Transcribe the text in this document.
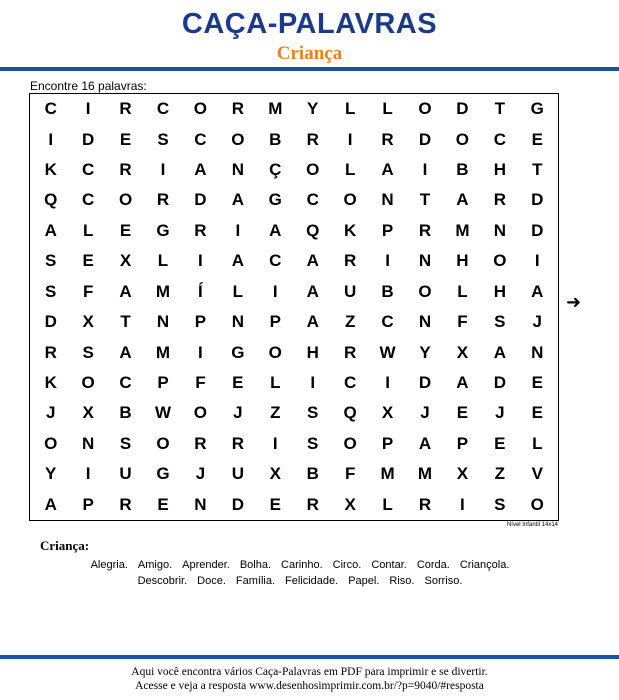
CAÇA-PALAVRAS
Criança
Encontre 16 palavras:
C	I	R	C	O	R	M	Y	L	L	O	D	T	G
I	D	E	S	C	O	B	R	I	R	D	O	C	E
K	C	R	I	A	N	Ç	O	L	A	I	B	H	T
Q	C	O	R	D	A	G	C	O	N	T	A	R	D
A	L	E	G	R	I	A	Q	K	P	R	M	N	D
S	E	X	L	I	A	C	A	R	I	N	H	O	I
S	F	A	M	Í	L	I	A	U	B	O	L	H	A
D	X	T	N	P	N	P	A	Z	C	N	F	S	J
R	S	A	M	I	G	O	H	R	W	Y	X	A	N
K	O	C	P	F	E	L	I	C	I	D	A	D	E
J	X	B	W	O	J	Z	S	Q	X	J	E	J	E
O	N	S	O	R	R	I	S	O	P	A	P	E	L
Y	I	U	G	J	U	X	B	F	M	M	X	Z	V
A	P	R	E	N	D	E	R	X	L	R	I	S	O
➜
Nível Infantil 14x14
Criança:
Alegria. Amigo. Aprender. Bolha. Carinho. Circo. Contar. Corda. Criançola.Descobrir. Doce. Família. Felicidade. Papel. Riso. Sorriso.
Aqui você encontra vários Caça-Palavras em PDF para imprimir e se divertir.
Acesse e veja a resposta www.desenhosimprimir.com.br/?p=9040/#resposta
